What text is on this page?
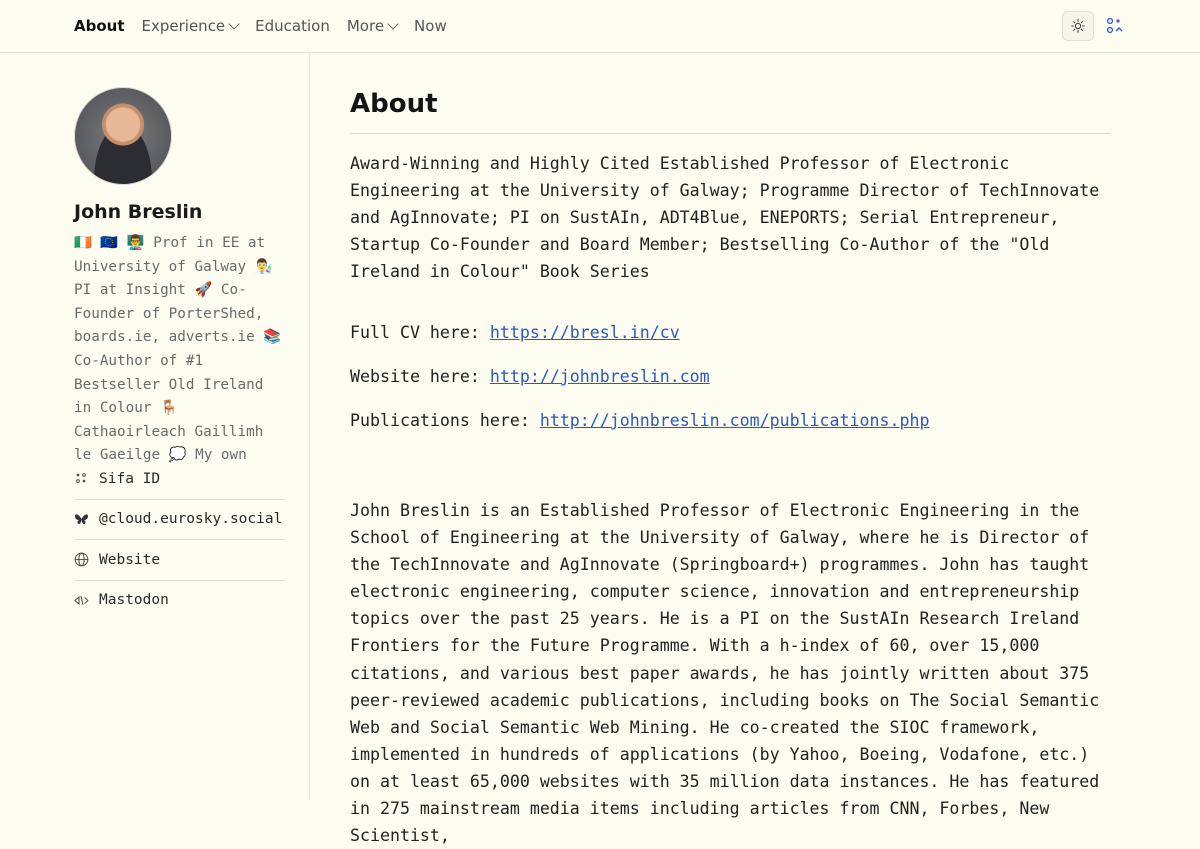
About Experience Education More Now
John Breslin
🇮🇪 🇪🇺 👨‍🏫 Prof in EE at University of Galway 👨‍🔬 PI at Insight 🚀 Co-Founder of PorterShed, boards.ie, adverts.ie 📚 Co-Author of #1 Bestseller Old Ireland in Colour 🪑 Cathaoirleach Gaillimh le Gaeilge 💭 My own
Sifa ID
@cloud.eurosky.social
Website
Mastodon
About

Award-Winning and Highly Cited Established Professor of Electronic Engineering at the University of Galway; Programme Director of TechInnovate and AgInnovate; PI on SustAIn, ADT4Blue, ENEPORTS; Serial Entrepreneur, Startup Co-Founder and Board Member; Bestselling Co-Author of the "Old Ireland in Colour" Book Series

Full CV here: https://bresl.in/cv
Website here: http://johnbreslin.com
Publications here: http://johnbreslin.com/publications.php

John Breslin is an Established Professor of Electronic Engineering in the School of Engineering at the University of Galway, where he is Director of the TechInnovate and AgInnovate (Springboard+) programmes. John has taught electronic engineering, computer science, innovation and entrepreneurship topics over the past 25 years. He is a PI on the SustAIn Research Ireland Frontiers for the Future Programme. With a h-index of 60, over 15,000 citations, and various best paper awards, he has jointly written about 375 peer-reviewed academic publications, including books on The Social Semantic Web and Social Semantic Web Mining. He co-created the SIOC framework, implemented in hundreds of applications (by Yahoo, Boeing, Vodafone, etc.) on at least 65,000 websites with 35 million data instances. He has featured in 275 mainstream media items including articles from CNN, Forbes, New Scientist,
